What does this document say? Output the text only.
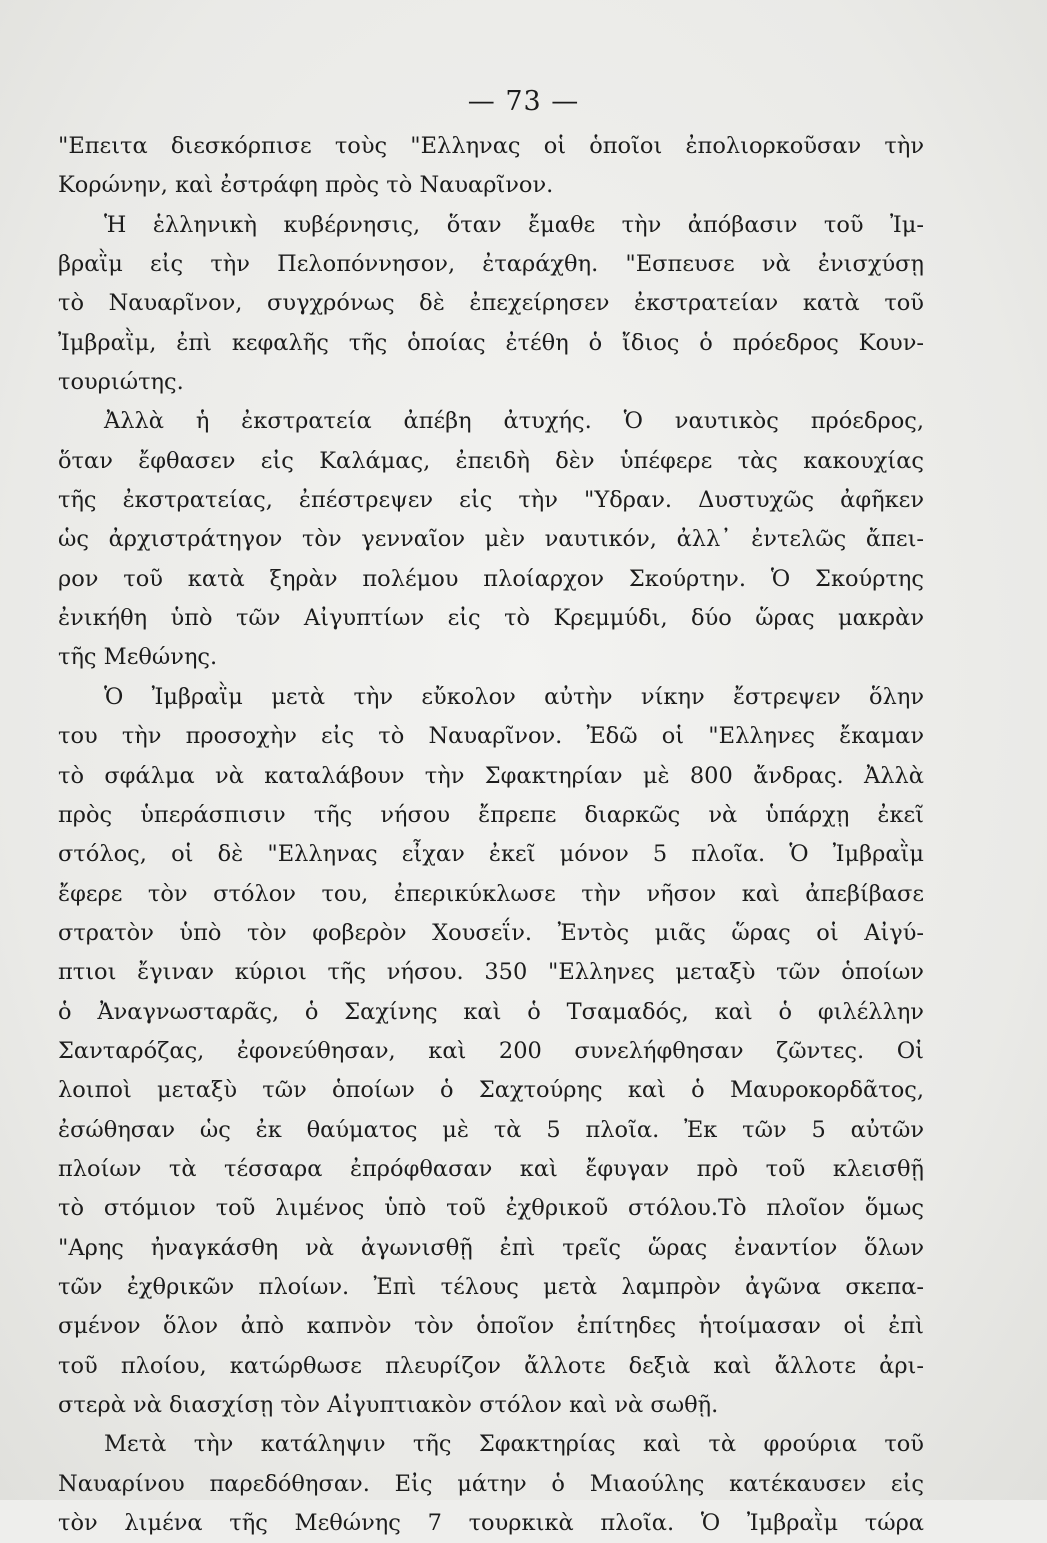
— 73 —
"Επειτα διεσκόρπισε τοὺς "Ελληνας οἱ ὁποῖοι ἐπολιορκοῦσαν τὴν
Κορώνην, καὶ ἐστράφη πρὸς τὸ Ναυαρῖνον.
Ἡ ἑλληνικὴ κυβέρνησις, ὅταν ἔμαθε τὴν ἀπόβασιν τοῦ Ἰμ-
βραῒμ εἰς τὴν Πελοπόννησον, ἐταράχθη. "Εσπευσε νὰ ἐνισχύσῃ
τὸ Ναυαρῖνον, συγχρόνως δὲ ἐπεχείρησεν ἐκστρατείαν κατὰ τοῦ
Ἰμβραῒμ, ἐπὶ κεφαλῆς τῆς ὁποίας ἐτέθη ὁ ἴδιος ὁ πρόεδρος Κουν-
τουριώτης.
Ἀλλὰ ἡ ἐκστρατεία ἀπέβη ἀτυχής. Ὁ ναυτικὸς πρόεδρος,
ὅταν ἔφθασεν εἰς Καλάμας, ἐπειδὴ δὲν ὑπέφερε τὰς κακουχίας
τῆς ἐκστρατείας, ἐπέστρεψεν εἰς τὴν "Υδραν. Δυστυχῶς ἀφῆκεν
ὡς ἀρχιστράτηγον τὸν γενναῖον μὲν ναυτικόν, ἀλλ᾽ ἐντελῶς ἄπει-
ρον τοῦ κατὰ ξηρὰν πολέμου πλοίαρχον Σκούρτην. Ὁ Σκούρτης
ἐνικήθη ὑπὸ τῶν Αἰγυπτίων εἰς τὸ Κρεμμύδι, δύο ὥρας μακρὰν
τῆς Μεθώνης.
Ὁ Ἰμβραῒμ μετὰ τὴν εὔκολον αὐτὴν νίκην ἔστρεψεν ὅλην
του τὴν προσοχὴν εἰς τὸ Ναυαρῖνον. Ἐδῶ οἱ "Ελληνες ἔκαμαν
τὸ σφάλμα νὰ καταλάβουν τὴν Σφακτηρίαν μὲ 800 ἄνδρας. Ἀλλὰ
πρὸς ὑπεράσπισιν τῆς νήσου ἔπρεπε διαρκῶς νὰ ὑπάρχῃ ἐκεῖ
στόλος, οἱ δὲ "Ελληνας εἶχαν ἐκεῖ μόνον 5 πλοῖα. Ὁ Ἰμβραῒμ
ἔφερε τὸν στόλον του, ἐπερικύκλωσε τὴν νῆσον καὶ ἀπεβίβασε
στρατὸν ὑπὸ τὸν φοβερὸν Χουσεΐν. Ἐντὸς μιᾶς ὥρας οἱ Αἰγύ-
πτιοι ἔγιναν κύριοι τῆς νήσου. 350 "Ελληνες μεταξὺ τῶν ὁποίων
ὁ Ἀναγνωσταρᾶς, ὁ Σαχίνης καὶ ὁ Τσαμαδός, καὶ ὁ φιλέλλην
Σανταρόζας, ἐφονεύθησαν, καὶ 200 συνελήφθησαν ζῶντες. Οἱ
λοιποὶ μεταξὺ τῶν ὁποίων ὁ Σαχτούρης καὶ ὁ Μαυροκορδᾶτος,
ἐσώθησαν ὡς ἐκ θαύματος μὲ τὰ 5 πλοῖα. Ἐκ τῶν 5 αὐτῶν
πλοίων τὰ τέσσαρα ἐπρόφθασαν καὶ ἔφυγαν πρὸ τοῦ κλεισθῇ
τὸ στόμιον τοῦ λιμένος ὑπὸ τοῦ ἐχθρικοῦ στόλου.Τὸ πλοῖον ὅμως
"Αρης ἠναγκάσθη νὰ ἀγωνισθῇ ἐπὶ τρεῖς ὥρας ἐναντίον ὅλων
τῶν ἐχθρικῶν πλοίων. Ἐπὶ τέλους μετὰ λαμπρὸν ἀγῶνα σκεπα-
σμένον ὅλον ἀπὸ καπνὸν τὸν ὁποῖον ἐπίτηδες ἡτοίμασαν οἱ ἐπὶ
τοῦ πλοίου, κατώρθωσε πλευρίζον ἄλλοτε δεξιὰ καὶ ἄλλοτε ἀρι-
στερὰ νὰ διασχίσῃ τὸν Αἰγυπτιακὸν στόλον καὶ νὰ σωθῇ.
Μετὰ τὴν κατάληψιν τῆς Σφακτηρίας καὶ τὰ φρούρια τοῦ
Ναυαρίνου παρεδόθησαν. Εἰς μάτην ὁ Μιαούλης κατέκαυσεν εἰς
τὸν λιμένα τῆς Μεθώνης 7 τουρκικὰ πλοῖα. Ὁ Ἰμβραῒμ τώρα
